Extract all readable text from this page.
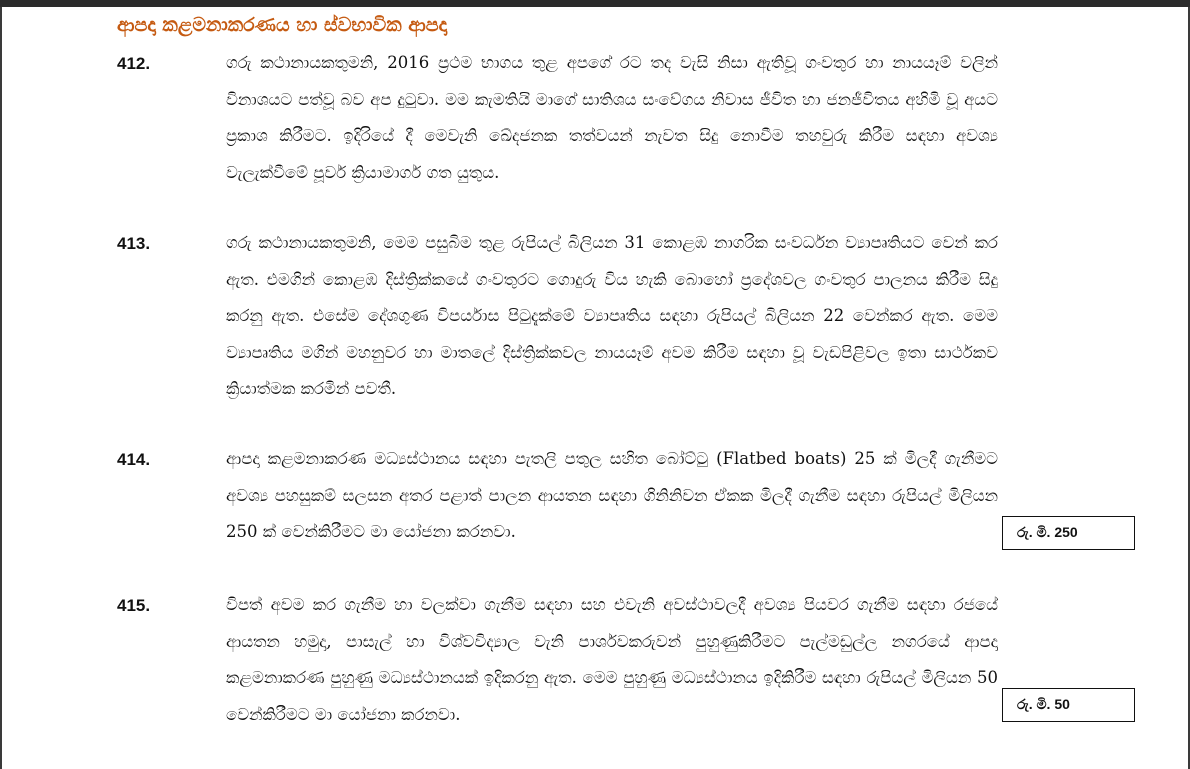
ආපදා කළමනාකරණය හා ස්වභාවික ආපදා
412.	ගරු කථානායකතුමනි, 2016 ප්‍රථම භාගය තුළ අපගේ රට තද වැසි නිසා ඇතිවූ ගංවතුර හා නායයෑම් වලින් විනාශයට පත්වූ බව අප දුටුවා. මම කැමතියි මාගේ සාතිශය සංවේගය නිවාස ජීවිත හා ජනජීවිතය අහිමි වූ අයට ප්‍රකාශ කිරීමට. ඉදිරියේ දී මෙවැනි ඛේදජනක තත්වයන් නැවත සිදු නොවීම තහවුරු කිරීම සඳහා අවශ්‍ය වැලැක්වීමේ පූර්ව ක්‍රියාමාර්ග ගත යුතුය.
413.	ගරු කථානායකතුමනි, මෙම පසුබිම තුළ රුපියල් බිලියන 31 කොළඹ නාගරික සංවර්ධන ව්‍යාපෘතියට වෙන් කර ඇත. එමගින් කොළඹ දිස්ත්‍රික්කයේ ගංවතුරට ගොදුරු විය හැකි බොහෝ ප්‍රදේශවල ගංවතුර පාලනය කිරීම සිදු කරනු ඇත. එසේම දේශගුණ විපර්යාස පිටුදැක්මේ ව්‍යාපෘතිය සඳහා රුපියල් බිලියන 22 වෙන්කර ඇත. මෙම ව්‍යාපෘතිය මගින් මහනුවර හා මාතලේ දිස්ත්‍රික්කවල නායයෑම් අවම කිරීම සඳහා වූ වැඩපිළිවල ඉතා සාර්ථකව ක්‍රියාත්මක කරමින් පවතී.
414.	ආපදා කළමනාකරණ මධ්‍යස්ථානය සඳහා පැතලි පතුල සහිත බෝට්ටු (Flatbed boats) 25 ක් මිලදී ගැනීමට අවශ්‍ය පහසුකම් සලසන අතර පළාත් පාලන ආයතන සඳහා ගිනිනිවන ඒකක මිලදී ගැනීම සඳහා රුපියල් මිලියන 250 ක් වෙන්කිරීමට මා යෝජනා කරනවා.	රු. මි. 250
415.	විපත් අවම කර ගැනීම හා වලක්වා ගැනීම සඳහා සහ එවැනි අවස්ථාවලදී අවශ්‍ය පියවර ගැනීම සඳහා රජයේ ආයතන හමුදා, පාසැල් හා විශ්වවිද්‍යාල වැනි පාර්ශවකරුවන් පුහුණුකිරීමට පැල්මඩුල්ල නගරයේ ආපදා කළමනාකරණ පුහුණු මධ්‍යස්ථානයක් ඉදිකරනු ඇත. මෙම පුහුණු මධ්‍යස්ථානය ඉදිකිරීම සඳහා රුපියල් මිලියන 50 වෙන්කිරීමට මා යෝජනා කරනවා.
රු. මි. 50
